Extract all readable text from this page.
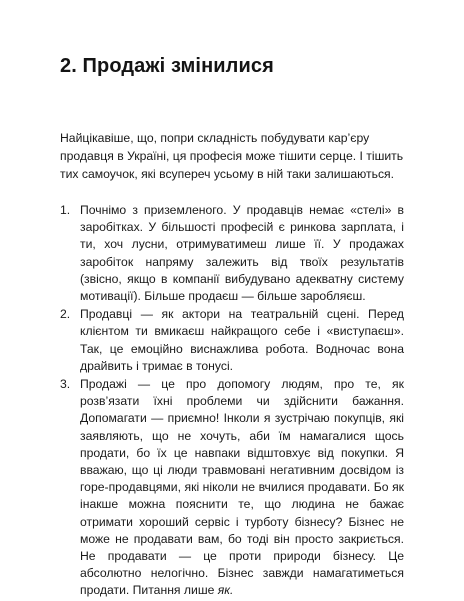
2. Продажі змінилися

Найцікавіше, що, попри складність побудувати кар’єру продавця в Україні, ця професія може тішити серце. І тішить тих самоучок, які всупереч усьому в ній таки залишаються.

1. Почнімо з приземленого. У продавців немає «стелі» в заробітках. У більшості професій є ринкова зарплата, і ти, хоч лусни, отримуватимеш лише її. У продажах заробіток напряму залежить від твоїх результатів (звісно, якщо в компанії вибудувано адекватну систему мотивації). Більше продаєш — більше заробляєш.
2. Продавці — як актори на театральній сцені. Перед клієнтом ти вмикаєш найкращого себе і «виступаєш». Так, це емоційно виснажлива робота. Водночас вона драйвить і тримає в тонусі.
3. Продажі — це про допомогу людям, про те, як розв’язати їхні проблеми чи здійснити бажання. Допомагати — приємно! Інколи я зустрічаю покупців, які заявляють, що не хочуть, аби їм намагалися щось продати, бо їх це навпаки відштовхує від покупки. Я вважаю, що ці люди травмовані негативним досвідом із горе-продавцями, які ніколи не вчилися продавати. Бо як інакше можна пояснити те, що людина не бажає отримати хороший сервіс і турботу бізнесу? Бізнес не може не продавати вам, бо тоді він просто закриється. Не продавати — це проти природи бізнесу. Це абсолютно нелогічно. Бізнес завжди намагатиметься продати. Питання лише як.
